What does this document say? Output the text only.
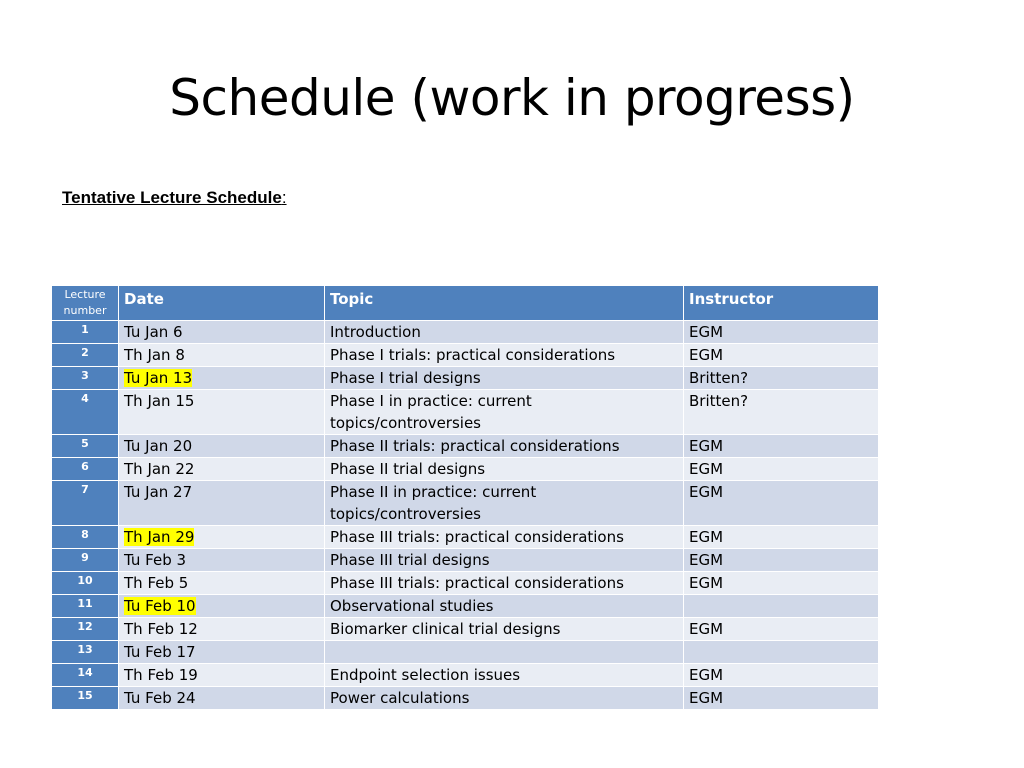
Schedule (work in progress)
Tentative Lecture Schedule:
Lecture number	Date	Topic	Instructor
1	Tu Jan 6	Introduction	EGM
2	Th Jan 8	Phase I trials: practical considerations	EGM
3	Tu Jan 13	Phase I trial designs	Britten?
4	Th Jan 15	Phase I in practice: current topics/controversies	Britten?
5	Tu Jan 20	Phase II trials: practical considerations	EGM
6	Th Jan 22	Phase II trial designs	EGM
7	Tu Jan 27	Phase II in practice: current topics/controversies	EGM
8	Th Jan 29	Phase III trials: practical considerations	EGM
9	Tu Feb 3	Phase III trial designs	EGM
10	Th Feb 5	Phase III trials: practical considerations	EGM
11	Tu Feb 10	Observational studies	
12	Th Feb 12	Biomarker clinical trial designs	EGM
13	Tu Feb 17		
14	Th Feb 19	Endpoint selection issues	EGM
15	Tu Feb 24	Power calculations	EGM
